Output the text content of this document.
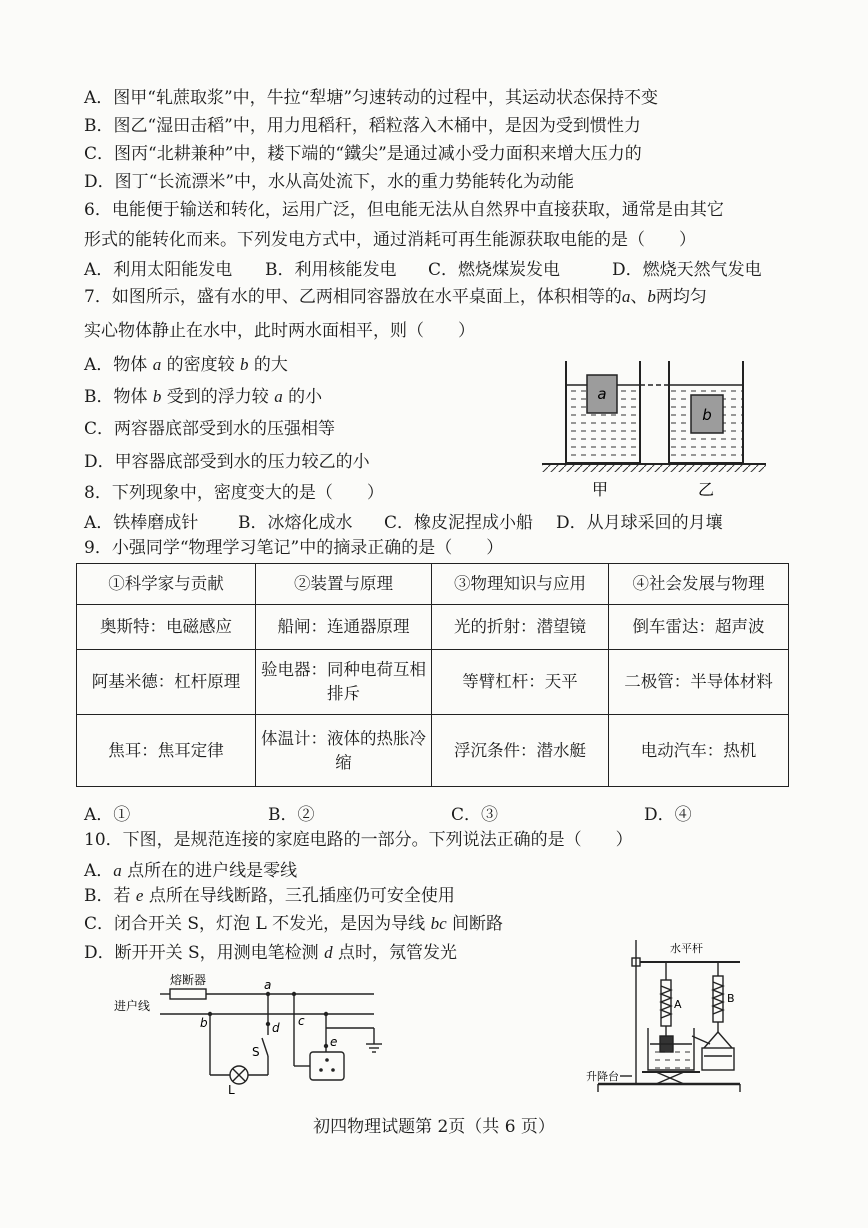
A．图甲“轧蔗取浆”中，牛拉“犁塘”匀速转动的过程中，其运动状态保持不变
B．图乙“湿田击稻”中，用力甩稻秆，稻粒落入木桶中，是因为受到惯性力
C．图丙“北耕兼种”中，耧下端的“鐵尖”是通过减小受力面积来增大压力的
D．图丁“长流漂米”中，水从高处流下，水的重力势能转化为动能
6．电能便于输送和转化，运用广泛，但电能无法从自然界中直接获取，通常是由其它
形式的能转化而来。下列发电方式中，通过消耗可再生能源获取电能的是（　　）
A．利用太阳能发电 B．利用核能发电 C．燃烧煤炭发电	D．燃烧天然气发电
7．如图所示，盛有水的甲、乙两相同容器放在水平桌面上，体积相等的a、b两均匀
实心物体静止在水中，此时两水面相平，则（　　）
A．物体 a 的密度较 b 的大
B．物体 b 受到的浮力较 a 的小
C．两容器底部受到水的压强相等
D．甲容器底部受到水的压力较乙的小
a
b
甲	乙
8．下列现象中，密度变大的是（　　）
A．铁棒磨成针 B．冰熔化成水 C．橡皮泥捏成小船 D．从月球采回的月壤
9．小强同学“物理学习笔记”中的摘录正确的是（　　）
①科学家与贡献	②装置与原理	③物理知识与应用	④社会发展与物理
奥斯特：电磁感应	船闸：连通器原理	光的折射：潜望镜	倒车雷达：超声波
阿基米德：杠杆原理	验电器：同种电荷互相排斥	等臂杠杆：天平	二极管：半导体材料
焦耳：焦耳定律	体温计：液体的热胀冷缩	浮沉条件：潜水艇	电动汽车：热机
A．①	B．②	C．③	D．④
10．下图，是规范连接的家庭电路的一部分。下列说法正确的是（　　）
A．a 点所在的进户线是零线
B．若 e 点所在导线断路，三孔插座仍可安全使用
C．闭合开关 S，灯泡 L 不发光，是因为导线 bc 间断路
D．断开开关 S，用测电笔检测 d 点时，氖管发光
熔断器
进户线
a
b	c
d
e
S
L
水平杆
A	B
升降台
初四物理试题第 2页（共 6 页）
